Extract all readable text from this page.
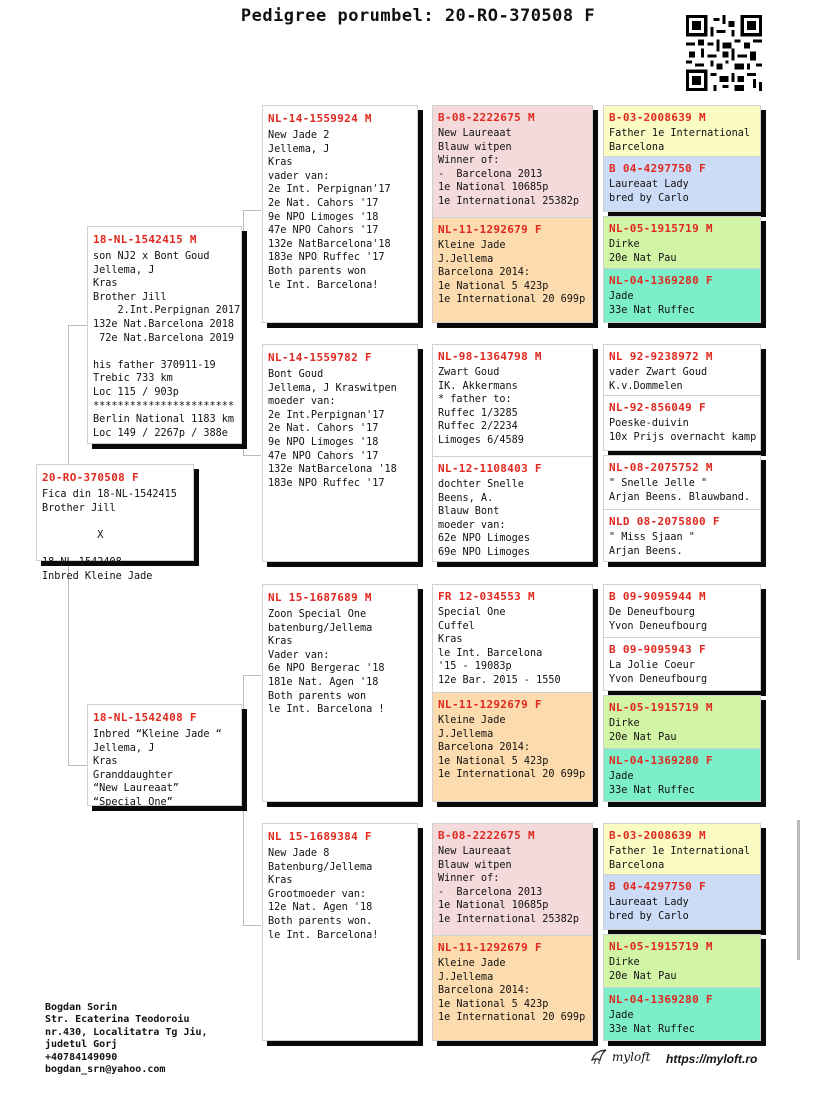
Pedigree porumbel: 20-RO-370508 F
20-RO-370508 F
Fica din 18-NL-1542415
Brother Jill

X

18-NL-1542408
Inbred Kleine Jade
18-NL-1542415 M
son NJ2 x Bont Goud
Jellema, J
Kras
Brother Jill
2.Int.Perpignan 2017
132e Nat.Barcelona 2018
72e Nat.Barcelona 2019

his father 370911-19
Trebic 733 km
Loc 115 / 903p
***********************
Berlin National 1183 km
Loc 149 / 2267p / 388e
18-NL-1542408 F
Inbred “Kleine Jade “
Jellema, J
Kras
Granddaughter
“New Laureaat”
“Special One”
NL-14-1559924 M
New Jade 2
Jellema, J
Kras
vader van:
2e Int. Perpignan'17
2e Nat. Cahors '17
9e NPO Limoges '18
47e NPO Cahors '17
132e NatBarcelona'18
183e NPO Ruffec '17
Both parents won
le Int. Barcelona!
NL-14-1559782 F
Bont Goud
Jellema, J Kraswitpen
moeder van:
2e Int.Perpignan'17
2e Nat. Cahors '17
9e NPO Limoges '18
47e NPO Cahors '17
132e NatBarcelona '18
183e NPO Ruffec '17
NL 15-1687689 M
Zoon Special One
batenburg/Jellema
Kras
Vader van:
6e NPO Bergerac '18
181e Nat. Agen '18
Both parents won
le Int. Barcelona !
NL 15-1689384 F
New Jade 8
Batenburg/Jellema
Kras
Grootmoeder van:
12e Nat. Agen '18
Both parents won.
le Int. Barcelona!
B-08-2222675 M
New Laureaat
Blauw witpen
Winner of:
-  Barcelona 2013
1e National 10685p
1e International 25382p
NL-11-1292679 F
Kleine Jade
J.Jellema
Barcelona 2014:
1e National 5 423p
1e International 20 699p
NL-98-1364798 M
Zwart Goud
IK. Akkermans
* father to:
Ruffec 1/3285
Ruffec 2/2234
Limoges 6/4589
NL-12-1108403 F
dochter Snelle
Beens, A.
Blauw Bont
moeder van:
62e NPO Limoges
69e NPO Limoges
FR 12-034553 M
Special One
Cuffel
Kras
le Int. Barcelona
'15 - 19083p
12e Bar. 2015 - 1550
NL-11-1292679 F
Kleine Jade
J.Jellema
Barcelona 2014:
1e National 5 423p
1e International 20 699p
B-08-2222675 M
New Laureaat
Blauw witpen
Winner of:
-  Barcelona 2013
1e National 10685p
1e International 25382p
NL-11-1292679 F
Kleine Jade
J.Jellema
Barcelona 2014:
1e National 5 423p
1e International 20 699p
B-03-2008639 M
Father 1e International
Barcelona
B 04-4297750 F
Laureaat Lady
bred by Carlo
NL-05-1915719 M
Dirke
20e Nat Pau
NL-04-1369280 F
Jade
33e Nat Ruffec
NL 92-9238972 M
vader Zwart Goud
K.v.Dommelen
NL-92-856049 F
Poeske-duivin
10x Prijs overnacht kamp
NL-08-2075752 M
" Snelle Jelle "
Arjan Beens. Blauwband.
NLD 08-2075800 F
" Miss Sjaan "
Arjan Beens.
B 09-9095944 M
De Deneufbourg
Yvon Deneufbourg
B 09-9095943 F
La Jolie Coeur
Yvon Deneufbourg
NL-05-1915719 M
Dirke
20e Nat Pau
NL-04-1369280 F
Jade
33e Nat Ruffec
B-03-2008639 M
Father 1e International
Barcelona
B 04-4297750 F
Laureaat Lady
bred by Carlo
NL-05-1915719 M
Dirke
20e Nat Pau
NL-04-1369280 F
Jade
33e Nat Ruffec
Bogdan Sorin
Str. Ecaterina Teodoroiu
nr.430, Localitatra Tg Jiu,
judetul Gorj
+40784149090
bogdan_srn@yahoo.com
myloft https://myloft.ro
